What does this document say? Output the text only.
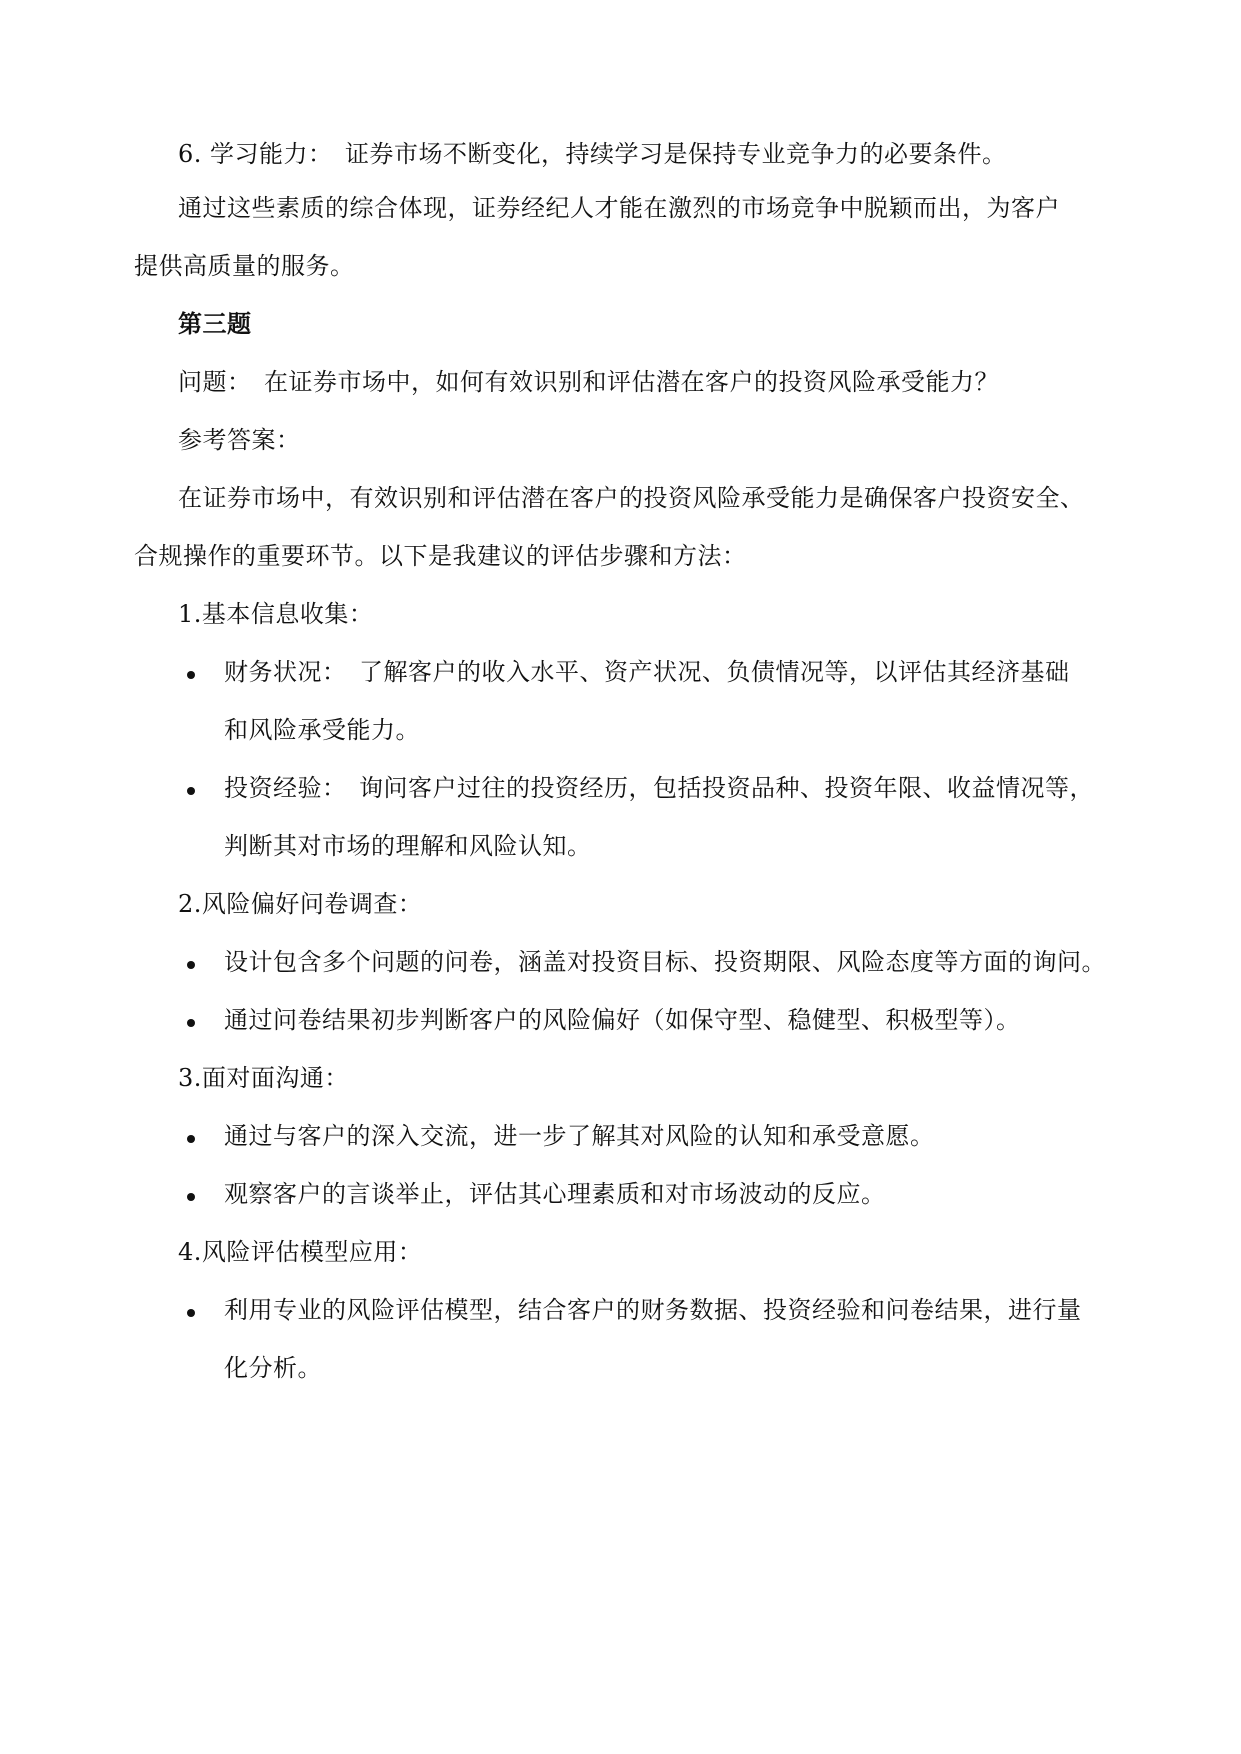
6. 学习能力：　证券市场不断变化，持续学习是保持专业竞争力的必要条件。
通过这些素质的综合体现，证券经纪人才能在激烈的市场竞争中脱颖而出，为客户
提供高质量的服务。
第三题
问题：　在证券市场中，如何有效识别和评估潜在客户的投资风险承受能力？
参考答案：
在证券市场中，有效识别和评估潜在客户的投资风险承受能力是确保客户投资安全、
合规操作的重要环节。以下是我建议的评估步骤和方法：
1.基本信息收集：
财务状况：　了解客户的收入水平、资产状况、负债情况等，以评估其经济基础
和风险承受能力。
投资经验：　询问客户过往的投资经历，包括投资品种、投资年限、收益情况等，
判断其对市场的理解和风险认知。
2.风险偏好问卷调查：
设计包含多个问题的问卷，涵盖对投资目标、投资期限、风险态度等方面的询问。
通过问卷结果初步判断客户的风险偏好（如保守型、稳健型、积极型等）。
3.面对面沟通：
通过与客户的深入交流，进一步了解其对风险的认知和承受意愿。
观察客户的言谈举止，评估其心理素质和对市场波动的反应。
4.风险评估模型应用：
利用专业的风险评估模型，结合客户的财务数据、投资经验和问卷结果，进行量
化分析。
